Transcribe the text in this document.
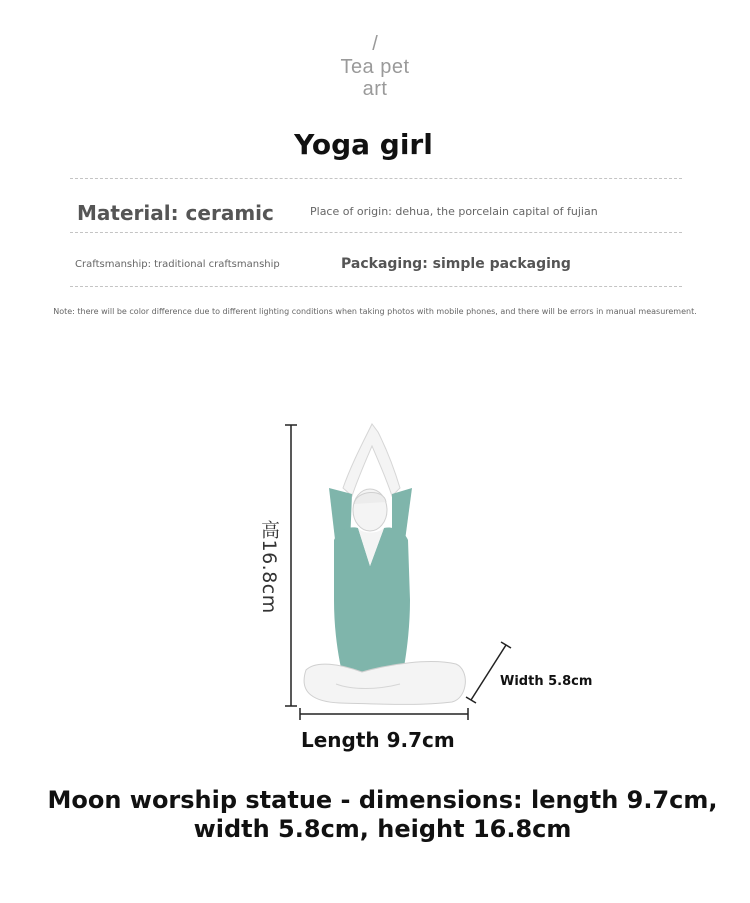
/
Tea pet
art
Yoga girl
Material: ceramic	Place of origin: dehua, the porcelain capital of fujian
Craftsmanship: traditional craftsmanship	Packaging: simple packaging
Note: there will be color difference due to different lighting conditions when taking photos with mobile phones, and there will be errors in manual measurement.
高16.8cm
Width 5.8cm
Length 9.7cm
Moon worship statue - dimensions: length 9.7cm,
width 5.8cm, height 16.8cm
